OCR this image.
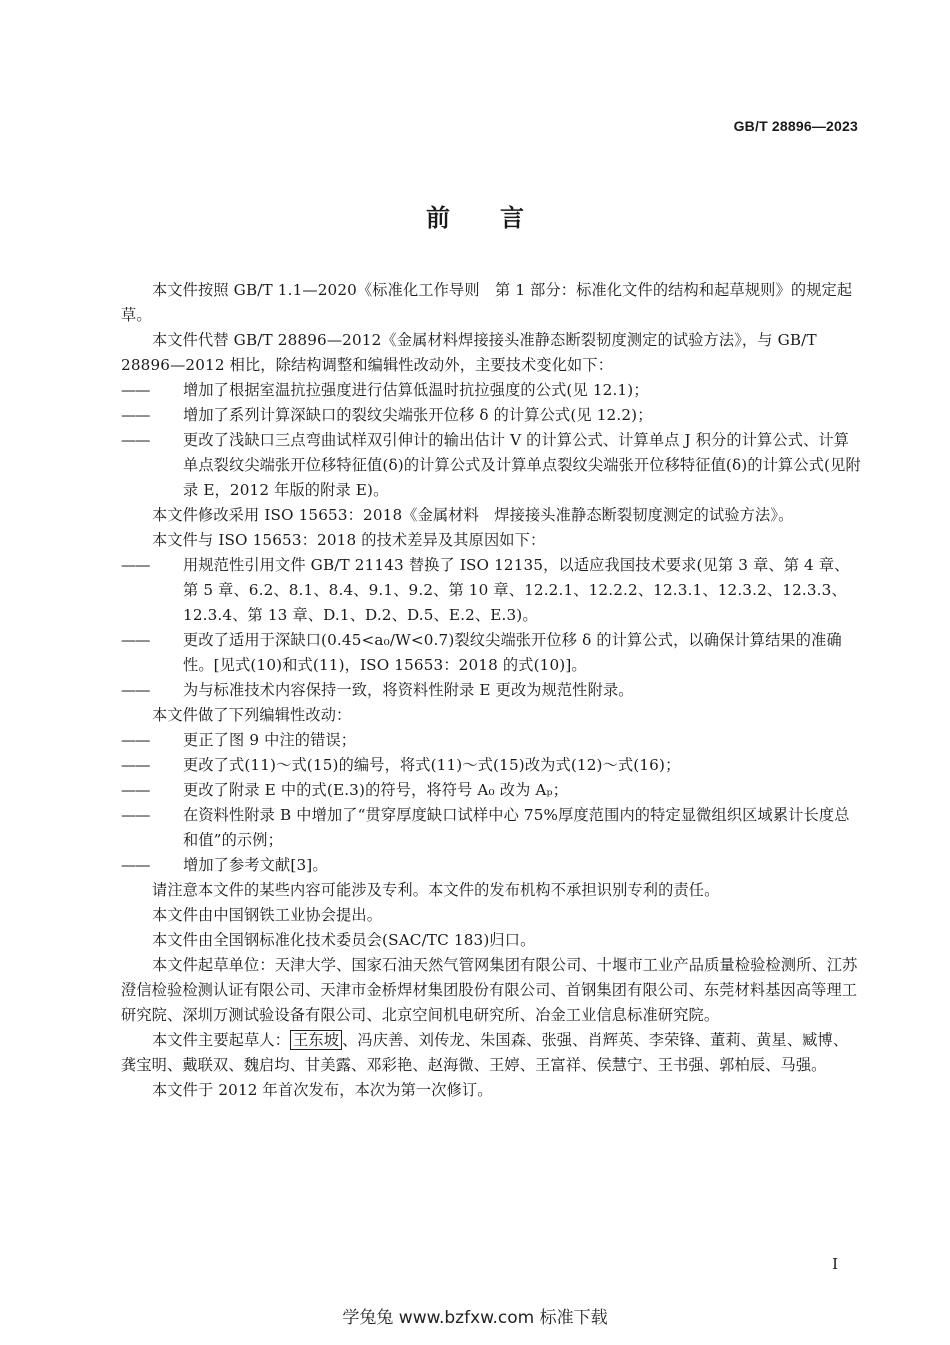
GB/T 28896—2023
前言

本文件按照 GB/T 1.1—2020《标准化工作导则　第 1 部分：标准化文件的结构和起草规则》的规定起草。

本文件代替 GB/T 28896—2012《金属材料焊接接头准静态断裂韧度测定的试验方法》，与 GB/T 28896—2012 相比，除结构调整和编辑性改动外，主要技术变化如下：

—— 增加了根据室温抗拉强度进行估算低温时抗拉强度的公式(见 12.1)；

—— 增加了系列计算深缺口的裂纹尖端张开位移 δ 的计算公式(见 12.2)；

—— 更改了浅缺口三点弯曲试样双引伸计的输出估计 V 的计算公式、计算单点 J 积分的计算公式、计算单点裂纹尖端张开位移特征值(δ)的计算公式及计算单点裂纹尖端张开位移特征值(δ)的计算公式(见附录 E，2012 年版的附录 E)。

本文件修改采用 ISO 15653：2018《金属材料　焊接接头准静态断裂韧度测定的试验方法》。

本文件与 ISO 15653：2018 的技术差异及其原因如下：

—— 用规范性引用文件 GB/T 21143 替换了 ISO 12135，以适应我国技术要求(见第 3 章、第 4 章、第 5 章、6.2、8.1、8.4、9.1、9.2、第 10 章、12.2.1、12.2.2、12.3.1、12.3.2、12.3.3、12.3.4、第 13 章、D.1、D.2、D.5、E.2、E.3)。

—— 更改了适用于深缺口(0.45<a₀/W<0.7)裂纹尖端张开位移 δ 的计算公式，以确保计算结果的准确性。[见式(10)和式(11)，ISO 15653：2018 的式(10)]。

—— 为与标准技术内容保持一致，将资料性附录 E 更改为规范性附录。

本文件做了下列编辑性改动：

—— 更正了图 9 中注的错误；

—— 更改了式(11)～式(15)的编号，将式(11)～式(15)改为式(12)～式(16)；

—— 更改了附录 E 中的式(E.3)的符号，将符号 A₀ 改为 Aₚ；

—— 在资料性附录 B 中增加了“贯穿厚度缺口试样中心 75%厚度范围内的特定显微组织区域累计长度总和值”的示例；

—— 增加了参考文献[3]。

请注意本文件的某些内容可能涉及专利。本文件的发布机构不承担识别专利的责任。

本文件由中国钢铁工业协会提出。

本文件由全国钢标准化技术委员会(SAC/TC 183)归口。

本文件起草单位：天津大学、国家石油天然气管网集团有限公司、十堰市工业产品质量检验检测所、江苏澄信检验检测认证有限公司、天津市金桥焊材集团股份有限公司、首钢集团有限公司、东莞材料基因高等理工研究院、深圳万测试验设备有限公司、北京空间机电研究所、冶金工业信息标准研究院。

本文件主要起草人： 王东坡 、冯庆善、刘传龙、朱国森、张强、肖辉英、李荣锋、董莉、黄星、臧博、龚宝明、戴联双、魏启均、甘美露、邓彩艳、赵海微、王婷、王富祥、侯慧宁、王书强、郭柏辰、马强。

本文件于 2012 年首次发布，本次为第一次修订。

I
学兔兔 www.bzfxw.com 标准下载
